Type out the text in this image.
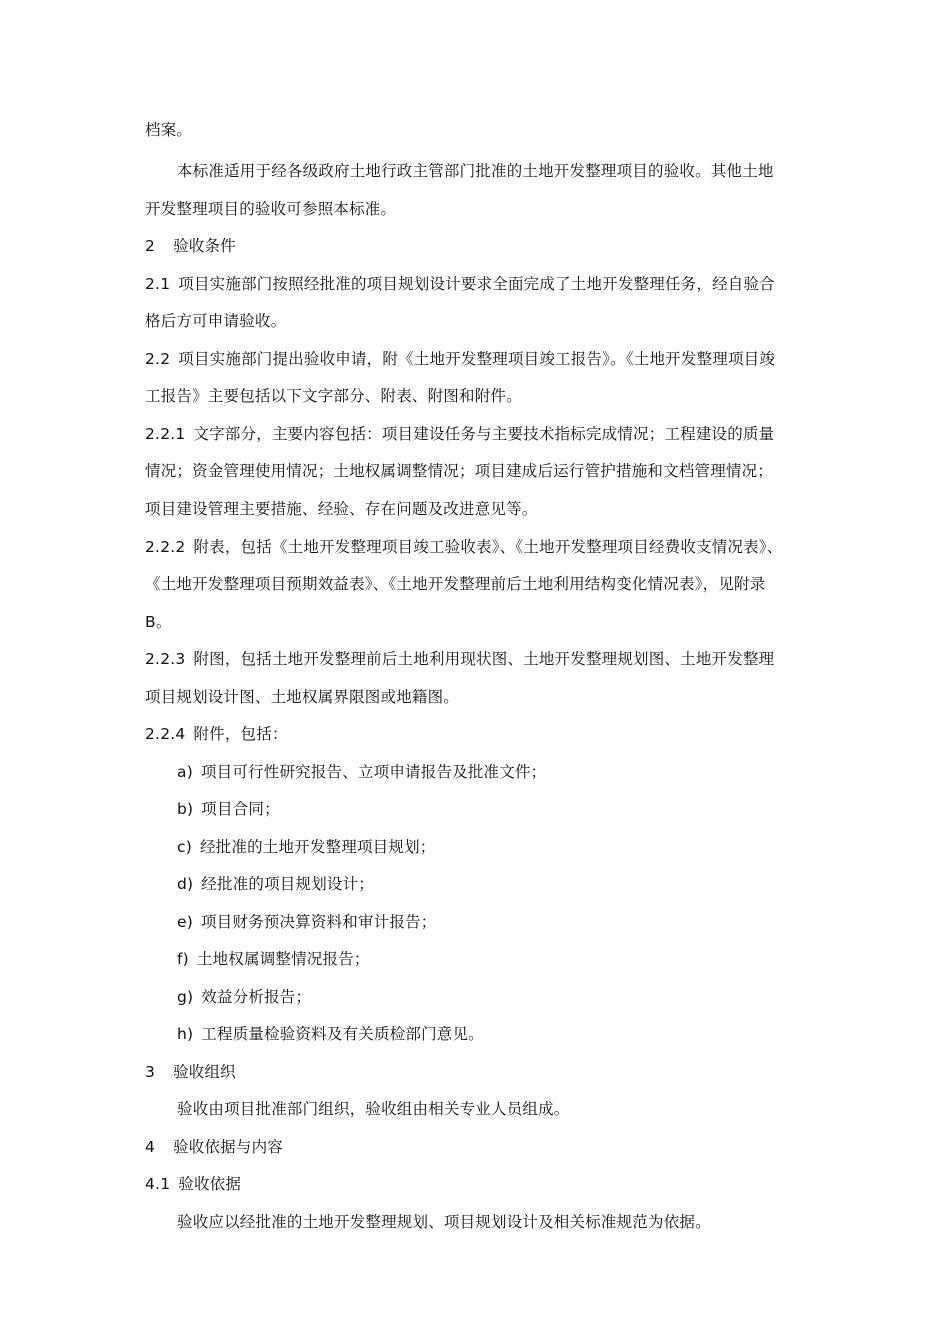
档案。
本标准适用于经各级政府土地行政主管部门批准的土地开发整理项目的验收。其他土地
开发整理项目的验收可参照本标准。
2 验收条件
2.1 项目实施部门按照经批准的项目规划设计要求全面完成了土地开发整理任务，经自验合
格后方可申请验收。
2.2 项目实施部门提出验收申请，附《土地开发整理项目竣工报告》。《土地开发整理项目竣
工报告》主要包括以下文字部分、附表、附图和附件。
2.2.1 文字部分，主要内容包括：项目建设任务与主要技术指标完成情况；工程建设的质量
情况；资金管理使用情况；土地权属调整情况；项目建成后运行管护措施和文档管理情况；
项目建设管理主要措施、经验、存在问题及改进意见等。
2.2.2 附表，包括《土地开发整理项目竣工验收表》、《土地开发整理项目经费收支情况表》、
《土地开发整理项目预期效益表》、《土地开发整理前后土地利用结构变化情况表》，见附录
B。
2.2.3 附图，包括土地开发整理前后土地利用现状图、土地开发整理规划图、土地开发整理
项目规划设计图、土地权属界限图或地籍图。
2.2.4 附件，包括：
a) 项目可行性研究报告、立项申请报告及批准文件；
b) 项目合同；
c) 经批准的土地开发整理项目规划；
d) 经批准的项目规划设计；
e) 项目财务预决算资料和审计报告；
f) 土地权属调整情况报告；
g) 效益分析报告；
h) 工程质量检验资料及有关质检部门意见。
3 验收组织
验收由项目批准部门组织，验收组由相关专业人员组成。
4 验收依据与内容
4.1 验收依据
验收应以经批准的土地开发整理规划、项目规划设计及相关标准规范为依据。
